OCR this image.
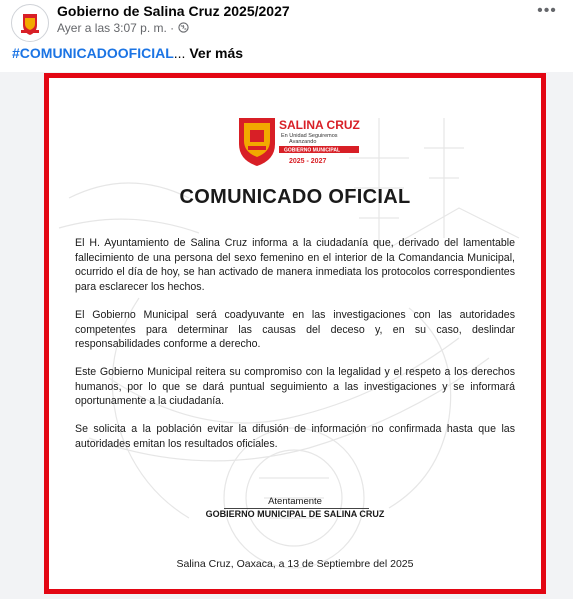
Gobierno de Salina Cruz 2025/2027
Ayer a las 3:07 p. m. ·
•••
#COMUNICADOOFICIAL... Ver más
SALINA CRUZ
En Unidad Seguiremos
Avanzando
GOBIERNO MUNICIPAL
2025 - 2027
COMUNICADO OFICIAL
El H. Ayuntamiento de Salina Cruz informa a la ciudadanía que, derivado del lamentable fallecimiento de una persona del sexo femenino en el interior de la Comandancia Municipal, ocurrido el día de hoy, se han activado de manera inmediata los protocolos correspondientes para esclarecer los hechos.
El Gobierno Municipal será coadyuvante en las investigaciones con las autoridades competentes para determinar las causas del deceso y, en su caso, deslindar responsabilidades conforme a derecho.
Este Gobierno Municipal reitera su compromiso con la legalidad y el respeto a los derechos humanos, por lo que se dará puntual seguimiento a las investigaciones y se informará oportunamente a la ciudadanía.
Se solicita a la población evitar la difusión de información no confirmada hasta que las autoridades emitan los resultados oficiales.
Atentamente
GOBIERNO MUNICIPAL DE SALINA CRUZ
Salina Cruz, Oaxaca, a 13 de Septiembre del 2025
